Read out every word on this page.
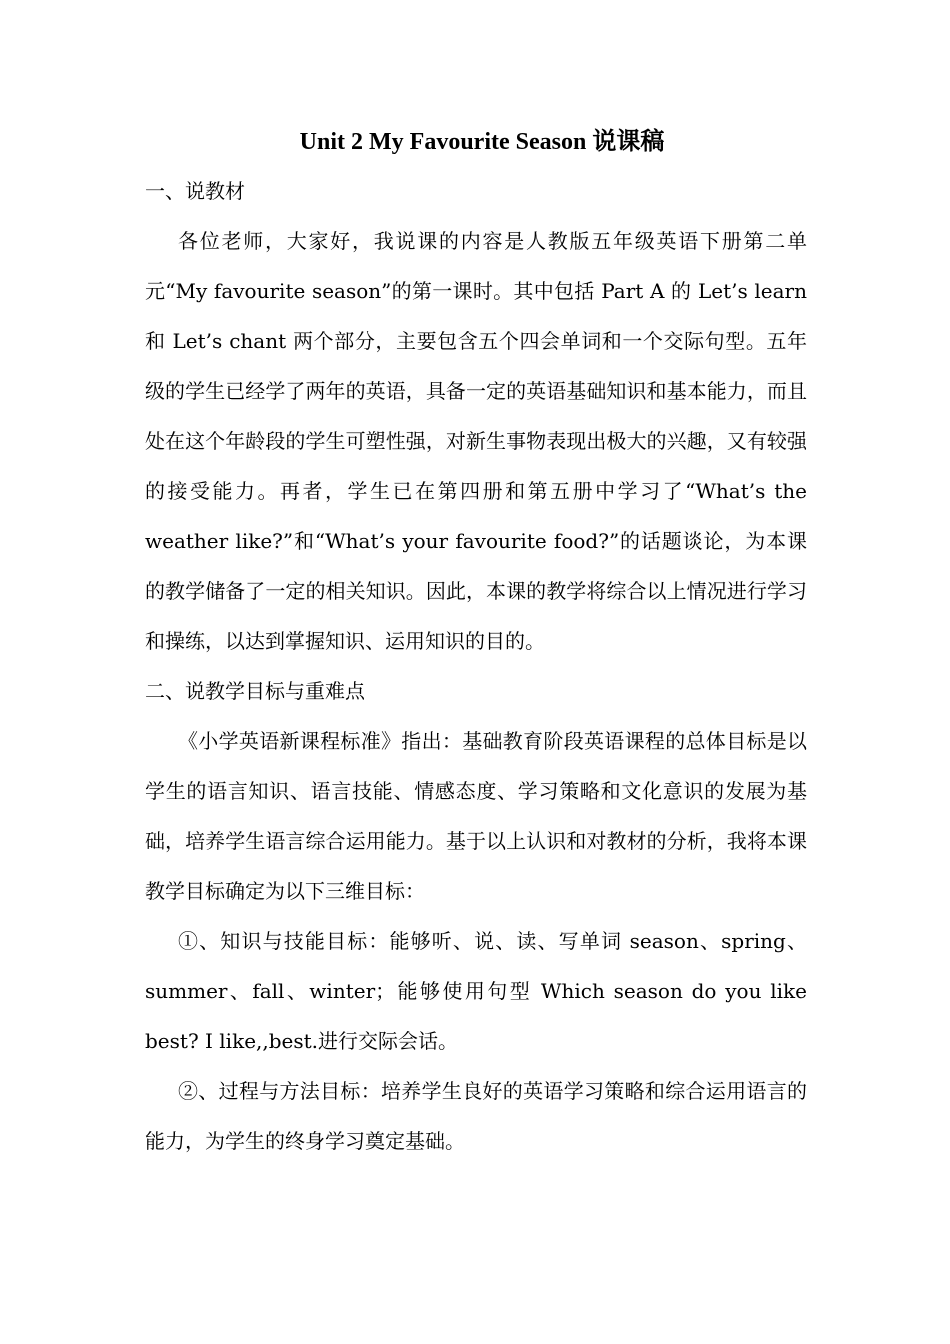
Unit 2 My Favourite Season 说课稿

一、说教材

各位老师，大家好，我说课的内容是人教版五年级英语下册第二单元“My favourite season”的第一课时。其中包括 Part A 的 Let’s learn 和 Let’s chant 两个部分，主要包含五个四会单词和一个交际句型。五年级的学生已经学了两年的英语，具备一定的英语基础知识和基本能力，而且处在这个年龄段的学生可塑性强，对新生事物表现出极大的兴趣，又有较强的接受能力。再者，学生已在第四册和第五册中学习了“What’s the weather like?”和“What’s your favourite food?”的话题谈论，为本课的教学储备了一定的相关知识。因此，本课的教学将综合以上情况进行学习和操练，以达到掌握知识、运用知识的目的。

二、说教学目标与重难点

《小学英语新课程标准》指出：基础教育阶段英语课程的总体目标是以学生的语言知识、语言技能、情感态度、学习策略和文化意识的发展为基础，培养学生语言综合运用能力。基于以上认识和对教材的分析，我将本课教学目标确定为以下三维目标：

①、知识与技能目标：能够听、说、读、写单词 season、spring、summer、fall、winter；能够使用句型 Which season do you like best? I like,,best.进行交际会话。

②、过程与方法目标：培养学生良好的英语学习策略和综合运用语言的能力，为学生的终身学习奠定基础。
